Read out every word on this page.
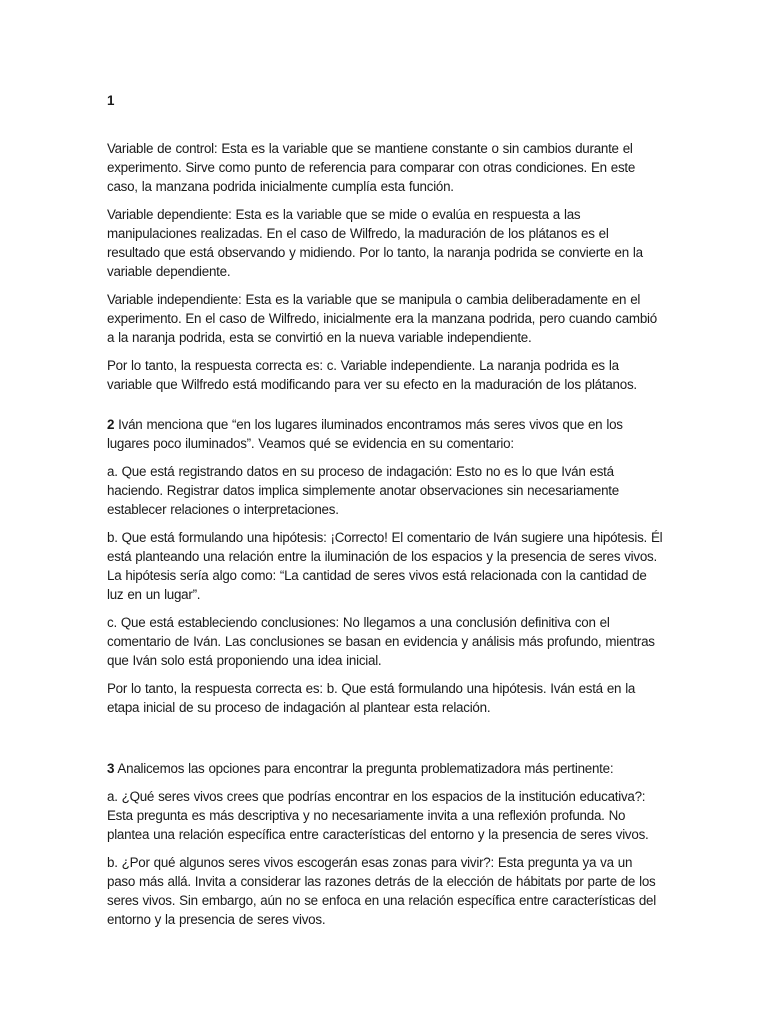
1

Variable de control: Esta es la variable que se mantiene constante o sin cambios durante el experimento. Sirve como punto de referencia para comparar con otras condiciones. En este caso, la manzana podrida inicialmente cumplía esta función.

Variable dependiente: Esta es la variable que se mide o evalúa en respuesta a las manipulaciones realizadas. En el caso de Wilfredo, la maduración de los plátanos es el resultado que está observando y midiendo. Por lo tanto, la naranja podrida se convierte en la variable dependiente.

Variable independiente: Esta es la variable que se manipula o cambia deliberadamente en el experimento. En el caso de Wilfredo, inicialmente era la manzana podrida, pero cuando cambió a la naranja podrida, esta se convirtió en la nueva variable independiente.

Por lo tanto, la respuesta correcta es: c. Variable independiente. La naranja podrida es la variable que Wilfredo está modificando para ver su efecto en la maduración de los plátanos.

2 Iván menciona que “en los lugares iluminados encontramos más seres vivos que en los lugares poco iluminados”. Veamos qué se evidencia en su comentario:

a. Que está registrando datos en su proceso de indagación: Esto no es lo que Iván está haciendo. Registrar datos implica simplemente anotar observaciones sin necesariamente establecer relaciones o interpretaciones.

b. Que está formulando una hipótesis: ¡Correcto! El comentario de Iván sugiere una hipótesis. Él está planteando una relación entre la iluminación de los espacios y la presencia de seres vivos. La hipótesis sería algo como: “La cantidad de seres vivos está relacionada con la cantidad de luz en un lugar”.

c. Que está estableciendo conclusiones: No llegamos a una conclusión definitiva con el comentario de Iván. Las conclusiones se basan en evidencia y análisis más profundo, mientras que Iván solo está proponiendo una idea inicial.

Por lo tanto, la respuesta correcta es: b. Que está formulando una hipótesis. Iván está en la etapa inicial de su proceso de indagación al plantear esta relación.

3 Analicemos las opciones para encontrar la pregunta problematizadora más pertinente:

a. ¿Qué seres vivos crees que podrías encontrar en los espacios de la institución educativa?: Esta pregunta es más descriptiva y no necesariamente invita a una reflexión profunda. No plantea una relación específica entre características del entorno y la presencia de seres vivos.

b. ¿Por qué algunos seres vivos escogerán esas zonas para vivir?: Esta pregunta ya va un paso más allá. Invita a considerar las razones detrás de la elección de hábitats por parte de los seres vivos. Sin embargo, aún no se enfoca en una relación específica entre características del entorno y la presencia de seres vivos.
